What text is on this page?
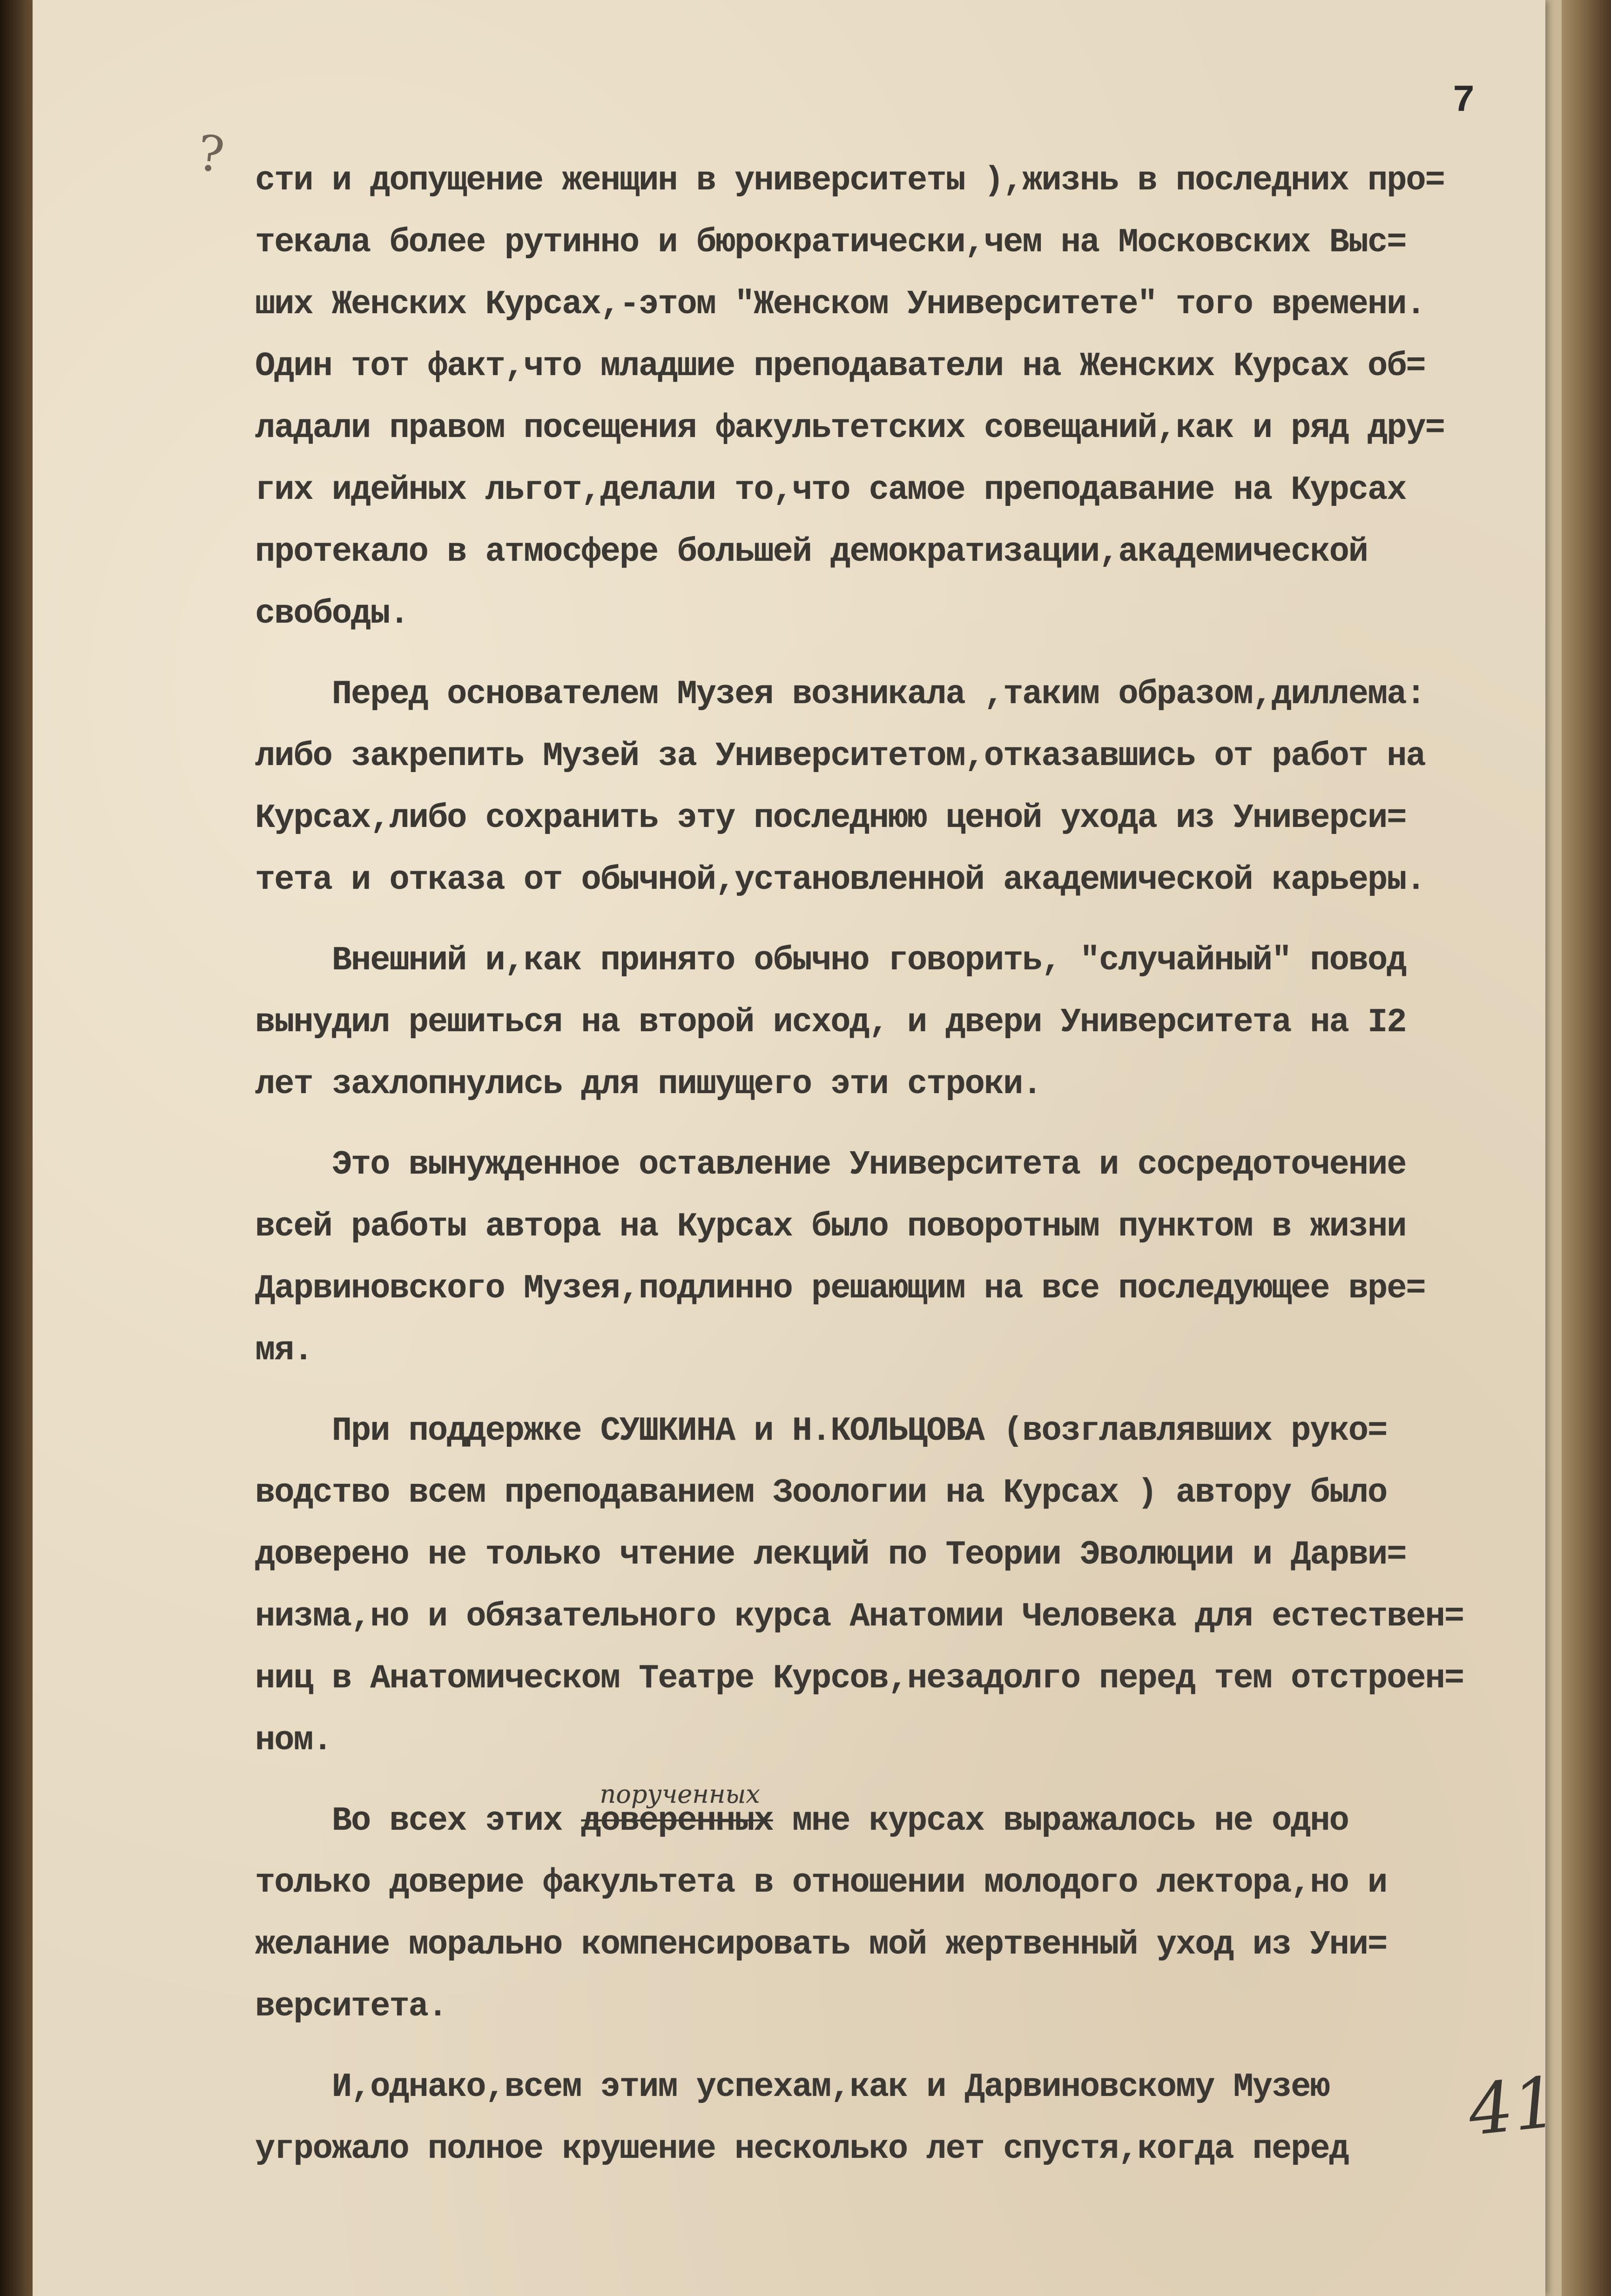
7
?
41
сти и допущение женщин в университеты ),жизнь в последних про=
текала более рутинно и бюрократически,чем на Московских Выс=
ших Женских Курсах,-этом "Женском Университете" того времени.
Один тот факт,что младшие преподаватели на Женских Курсах об=
ладали правом посещения факультетских совещаний,как и ряд дру=
гих идейных льгот,делали то,что самое преподавание на Курсах
протекало в атмосфере большей демократизации,академической
свободы.
Перед основателем Музея возникала ,таким образом,диллема:
либо закрепить Музей за Университетом,отказавшись от работ на
Курсах,либо сохранить эту последнюю ценой ухода из Универси=
тета и отказа от обычной,установленной академической карьеры.
Внешний и,как принято обычно говорить, "случайный" повод
вынудил решиться на второй исход, и двери Университета на I2
лет захлопнулись для пишущего эти строки.
Это вынужденное оставление Университета и сосредоточение
всей работы автора на Курсах было поворотным пунктом в жизни
Дарвиновского Музея,подлинно решающим на все последующее вре=
мя.
При поддержке СУШКИНА и Н.КОЛЬЦОВА (возглавлявших руко=
водство всем преподаванием Зоологии на Курсах ) автору было
доверено не только чтение лекций по Теории Эволюции и Дарви=
низма,но и обязательного курса Анатомии Человека для естествен=
ниц в Анатомическом Театре Курсов,незадолго перед тем отстроен=
ном.
Во всех этих доверенных
порученных
мне курсах выражалось не одно
только доверие факультета в отношении молодого лектора,но и
желание морально компенсировать мой жертвенный уход из Уни=
верситета.
И,однако,всем этим успехам,как и Дарвиновскому Музею
угрожало полное крушение несколько лет спустя,когда перед
